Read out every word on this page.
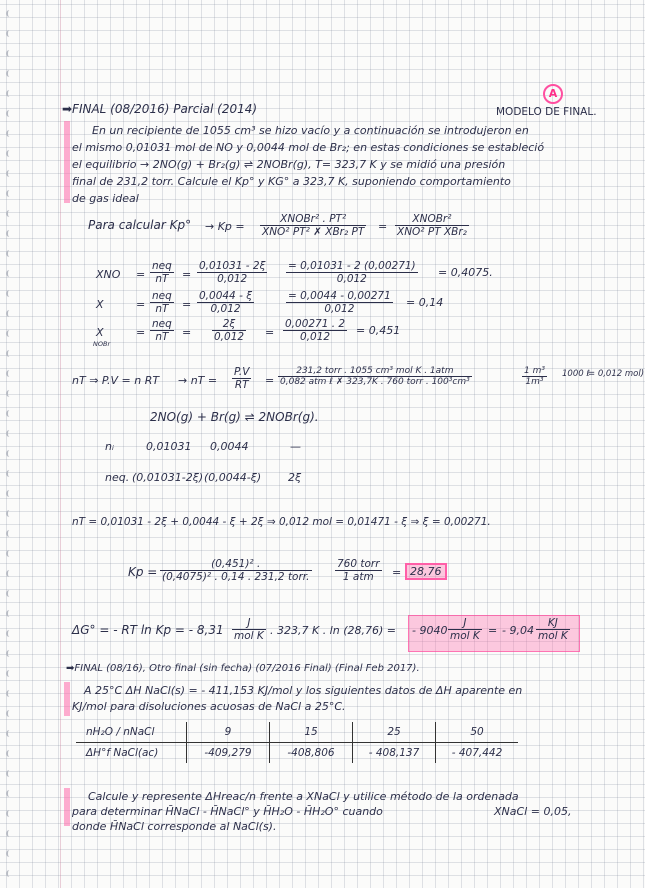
➡FINAL (08/2016) Parcial (2014)	MODELO DE FINAL.
A
En un recipiente de 1055 cm³ se hizo vacío y a continuación se introdujeron en
el mismo 0,01031 mol de NO y 0,0044 mol de Br₂; en estas condiciones se estableció
el equilibrio → 2NO(g) + Br₂(g) ⇌ 2NOBr(g), T= 323,7 K y se midió una presión
final de 231,2 torr. Calcule el Kp° y KG° a 323,7 K, suponiendo comportamiento
de gas ideal
Para calcular Kp° → Kp =
XNOBr² . PT²
XNO² PT² ✗ XBr₂ PT =
XNOBr²
XNO² PT XBr₂
XNO =
neq
nT	= $\frac{0,01031 - 2\xi}{0,012} \frac{= 0,01031 - 2 (0,00271)}{0,012} = 0,4075$.
X	=
neq
nT	= $\frac{0,0044 - \xi}{0,012}$	$\frac{= 0,0044 - 0,00271}{0,012} = 0,14$
X
NOBr
=
neq
nT	= $\frac{2\xi}{0,012} = \frac{0,00271 . 2}{0,012} = 0,451$
nT ⇒ P.V = n RT → nT = $\frac{P.V}{RT}$ =
231,2 torr . 1055 cm³ mol K . 1atm
0,082 atm ℓ ✗ 323,7K . 760 torr . 100³cm³	$\frac{\text{1 m³}}{\text{1m³}} 1000$ ℓ
= 0,012 mol)
2NO(g) + Br(g) ⇌ 2NOBr(g).
nᵢ	0,01031 0,0044	—
neq. (0,01031-2ξ) (0,0044-ξ) 2ξ
nT = 0,01031 - 2ξ + 0,0044 - ξ + 2ξ ⇒ 0,012 mol = 0,01471 - ξ ⇒ ξ = 0,00271.
Kp =
(0,451)² .
(0,4075)² . 0,14 . 231,2 torr.
760 torr
1 atm	= 28,76
ΔG° = - RT ln Kp = - 8,31	J
mol K . 323,7 K . ln (28,76) = - 9040
J
mol K = - 9,04
KJ
mol K
➡FINAL (08/16), Otro final (sin fecha) (07/2016 Final) (Final Feb 2017).
A 25°C ΔH NaCl(s) = - 411,153 KJ/mol y los siguientes datos de ΔH aparente en
KJ/mol para disoluciones acuosas de NaCl a 25°C.
nH₂O / nNaCl	9	15	25	50
ΔH°f NaCl(ac)	-409,279	-408,806	- 408,137	- 407,442
Calcule y represente ΔHreac/n frente a XNaCl y utilice método de la ordenada
para determinar H̄NaCl - H̄NaCl° y H̄H₂O - H̄H₂O° cuando	XNaCl = 0,05,
donde H̄NaCl corresponde al NaCl(s).
